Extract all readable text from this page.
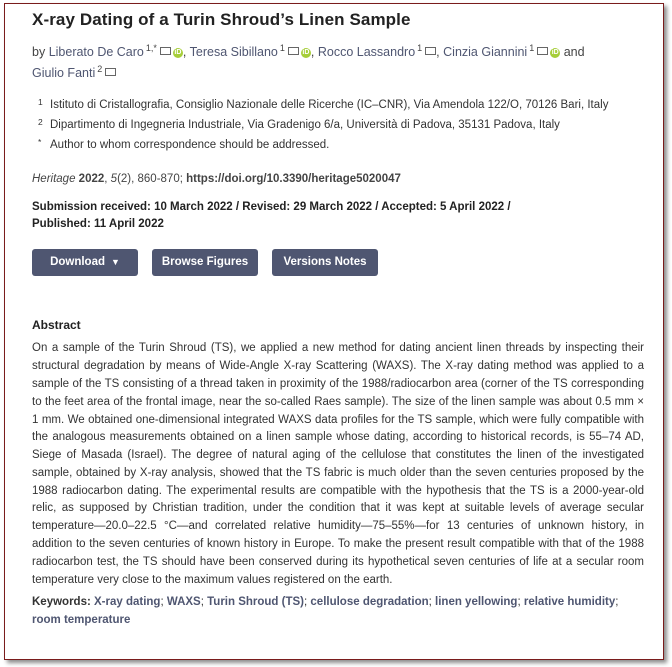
X-ray Dating of a Turin Shroud’s Linen Sample
by Liberato De Caro $^{1,*}$	iD , Teresa Sibillano $^1$	iD , Rocco Lassandro $^1$ , Cinzia Giannini $^1$	iD and
Giulio Fanti $^2$
1 Istituto di Cristallografia, Consiglio Nazionale delle Ricerche (IC–CNR), Via Amendola 122/O, 70126 Bari, Italy
2 Dipartimento di Ingegneria Industriale, Via Gradenigo 6/a, Università di Padova, 35131 Padova, Italy
* Author to whom correspondence should be addressed.
Heritage 2022, 5(2), 860-870; https://doi.org/10.3390/heritage5020047
Submission received: 10 March 2022 / Revised: 29 March 2022 / Accepted: 5 April 2022 /
Published: 11 April 2022
Download ▼	Browse Figures	Versions Notes
Abstract
On a sample of the Turin Shroud (TS), we applied a new method for dating ancient linen threads by inspecting their structural degradation by means of Wide-Angle X-ray Scattering (WAXS). The X-ray dating method was applied to a sample of the TS consisting of a thread taken in proximity of the 1988/radiocarbon area (corner of the TS corresponding to the feet area of the frontal image, near the so-called Raes sample). The size of the linen sample was about 0.5 mm × 1 mm. We obtained one-dimensional integrated WAXS data profiles for the TS sample, which were fully compatible with the analogous measurements obtained on a linen sample whose dating, according to historical records, is 55–74 AD, Siege of Masada (Israel). The degree of natural aging of the cellulose that constitutes the linen of the investigated sample, obtained by X-ray analysis, showed that the TS fabric is much older than the seven centuries proposed by the 1988 radiocarbon dating. The experimental results are compatible with the hypothesis that the TS is a 2000-year-old relic, as supposed by Christian tradition, under the condition that it was kept at suitable levels of average secular temperature—20.0–22.5 °C—and correlated relative humidity—75–55%—for 13 centuries of unknown history, in addition to the seven centuries of known history in Europe. To make the present result compatible with that of the 1988 radiocarbon test, the TS should have been conserved during its hypothetical seven centuries of life at a secular room temperature very close to the maximum values registered on the earth.
Keywords: X-ray dating; WAXS; Turin Shroud (TS); cellulose degradation; linen yellowing; relative humidity; room temperature
